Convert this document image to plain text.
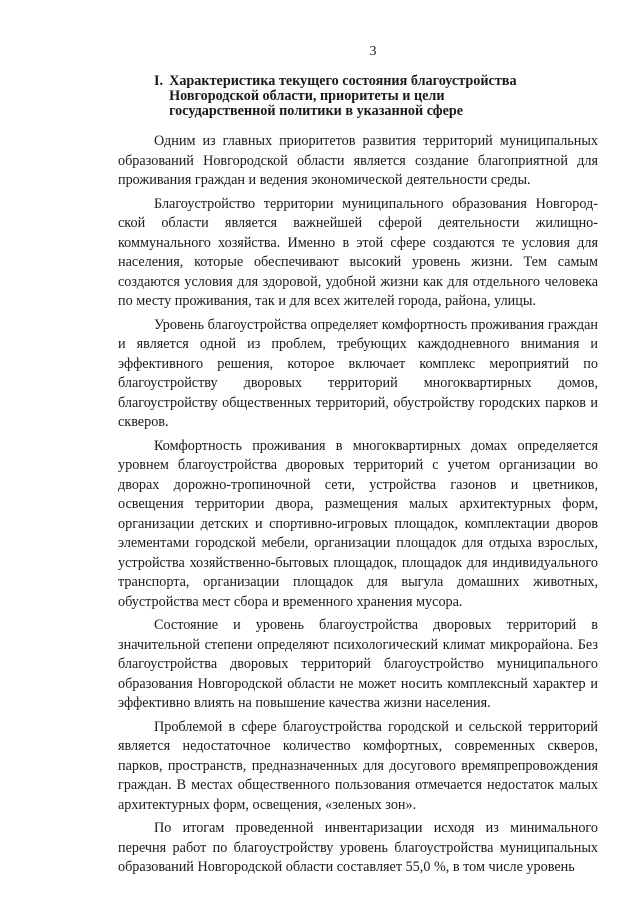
3
I. Характеристика текущего состояния благоустройства Новгородской области, приоритеты и цели государственной политики в указанной сфере

Одним из главных приоритетов развития территорий муниципальных образований Новгородской области является создание благоприятной для проживания граждан и ведения экономической деятельности среды.

Благоустройство территории муниципального образования Новгородской области является важнейшей сферой деятельности жилищно-коммунального хозяйства. Именно в этой сфере создаются те условия для населения, которые обеспечивают высокий уровень жизни. Тем самым создаются условия для здоровой, удобной жизни как для отдельного человека по месту проживания, так и для всех жителей города, района, улицы.

Уровень благоустройства определяет комфортность проживания граждан и является одной из проблем, требующих каждодневного внимания и эффективного решения, которое включает комплекс мероприятий по благоустройству дворовых территорий многоквартирных домов, благоустройству общественных территорий, обустройству городских парков и скверов.

Комфортность проживания в многоквартирных домах определяется уровнем благоустройства дворовых территорий с учетом организации во дворах дорожно-тропиночной сети, устройства газонов и цветников, освещения территории двора, размещения малых архитектурных форм, организации детских и спортивно-игровых площадок, комплектации дворов элементами городской мебели, организации площадок для отдыха взрослых, устройства хозяйственно-бытовых площадок, площадок для индивидуального транспорта, организации площадок для выгула домашних животных, обустройства мест сбора и временного хранения мусора.

Состояние и уровень благоустройства дворовых территорий в значительной степени определяют психологический климат микрорайона. Без благоустройства дворовых территорий благоустройство муниципального образования Новгородской области не может носить комплексный характер и эффективно влиять на повышение качества жизни населения.

Проблемой в сфере благоустройства городской и сельской территорий является недостаточное количество комфортных, современных скверов, парков, пространств, предназначенных для досугового времяпрепровождения граждан. В местах общественного пользования отмечается недостаток малых архитектурных форм, освещения, «зеленых зон».

По итогам проведенной инвентаризации исходя из минимального перечня работ по благоустройству уровень благоустройства муниципальных образований Новгородской области составляет 55,0 %, в том числе уровень
